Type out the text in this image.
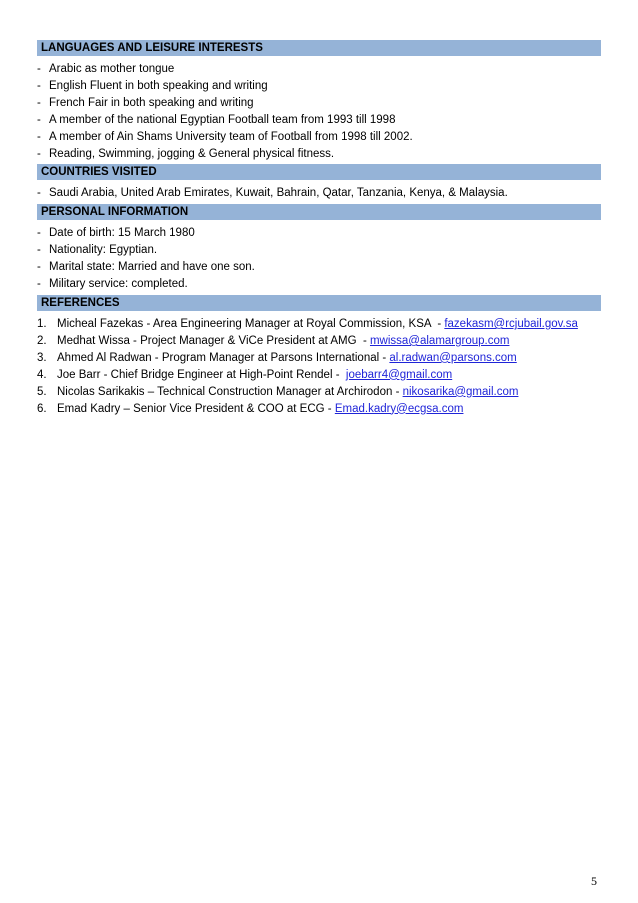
LANGUAGES AND LEISURE INTERESTS
- Arabic as mother tongue
- English Fluent in both speaking and writing
- French Fair in both speaking and writing
- A member of the national Egyptian Football team from 1993 till 1998
- A member of Ain Shams University team of Football from 1998 till 2002.
- Reading, Swimming, jogging & General physical fitness.
COUNTRIES VISITED
- Saudi Arabia, United Arab Emirates, Kuwait, Bahrain, Qatar, Tanzania, Kenya, & Malaysia.
PERSONAL INFORMATION
- Date of birth: 15 March 1980
- Nationality: Egyptian.
- Marital state: Married and have one son.
- Military service: completed.
REFERENCES
1. Micheal Fazekas - Area Engineering Manager at Royal Commission, KSA  - fazekasm@rcjubail.gov.sa
2. Medhat Wissa - Project Manager & ViCe President at AMG  - mwissa@alamargroup.com
3. Ahmed Al Radwan - Program Manager at Parsons International - al.radwan@parsons.com
4. Joe Barr - Chief Bridge Engineer at High-Point Rendel - joebarr4@gmail.com
5. Nicolas Sarikakis – Technical Construction Manager at Archirodon - nikosarika@gmail.com
6. Emad Kadry – Senior Vice President & COO at ECG - Emad.kadry@ecgsa.com
5
